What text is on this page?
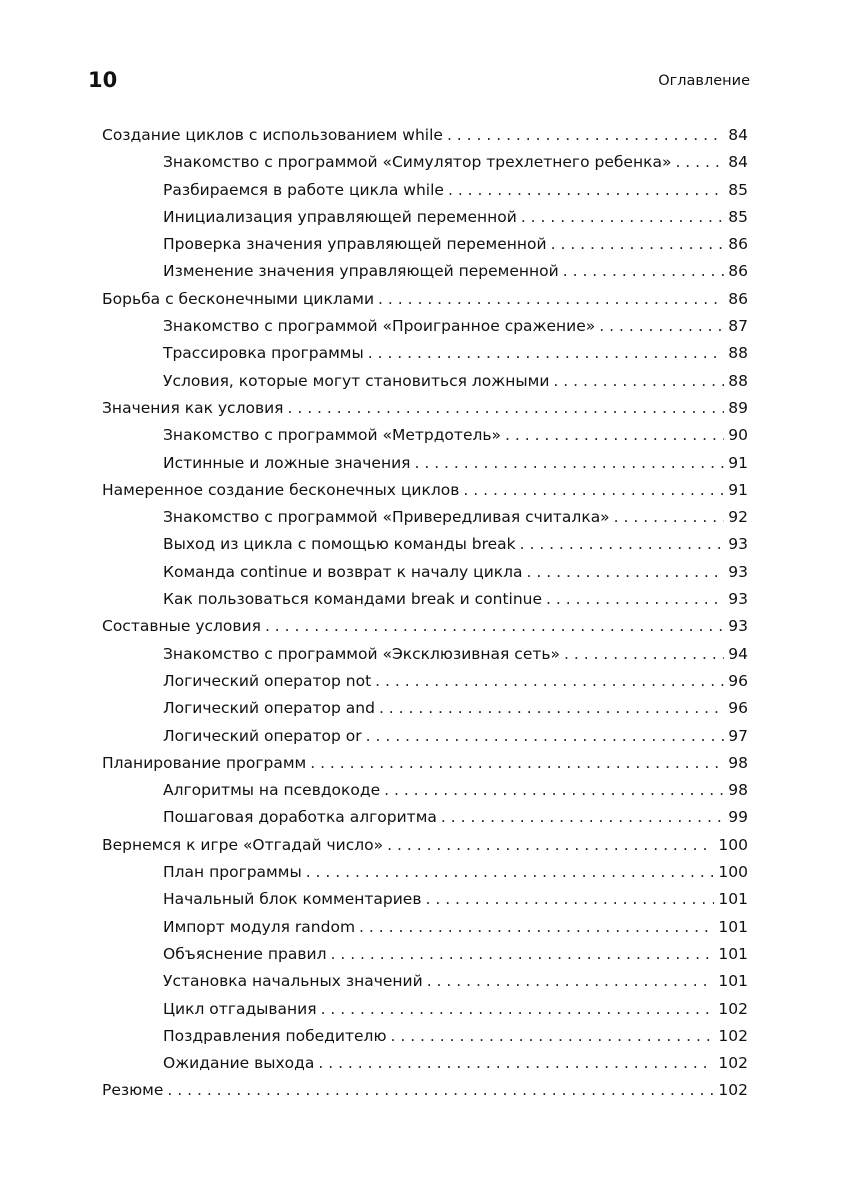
10	Оглавление
Создание циклов с использованием while . . .	84
Знакомство с программой «Симулятор трехлетнего ребенка» . . .	84
Разбираемся в работе цикла while . . .	85
Инициализация управляющей переменной . . .	85
Проверка значения управляющей переменной . . .	86
Изменение значения управляющей переменной . . .	86
Борьба с бесконечными циклами . . .	86
Знакомство с программой «Проигранное сражение» . . .	87
Трассировка программы . . .	88
Условия, которые могут становиться ложными . . .	88
Значения как условия . . .	89
Знакомство с программой «Метрдотель» . . .	90
Истинные и ложные значения . . .	91
Намеренное создание бесконечных циклов . . .	91
Знакомство с программой «Привередливая считалка» . . .	92
Выход из цикла с помощью команды break . . .	93
Команда continue и возврат к началу цикла . . .	93
Как пользоваться командами break и continue . . .	93
Составные условия . . .	93
Знакомство с программой «Эксклюзивная сеть» . . .	94
Логический оператор not . . .	96
Логический оператор and . . .	96
Логический оператор or . . .	97
Планирование программ . . .	98
Алгоритмы на псевдокоде . . .	98
Пошаговая доработка алгоритма . . .	99
Вернемся к игре «Отгадай число» . . .	100
План программы . . .	100
Начальный блок комментариев . . .	101
Импорт модуля random . . .	101
Объяснение правил . . .	101
Установка начальных значений . . .	101
Цикл отгадывания . . .	102
Поздравления победителю . . .	102
Ожидание выхода . . .	102
Резюме . . .	102
